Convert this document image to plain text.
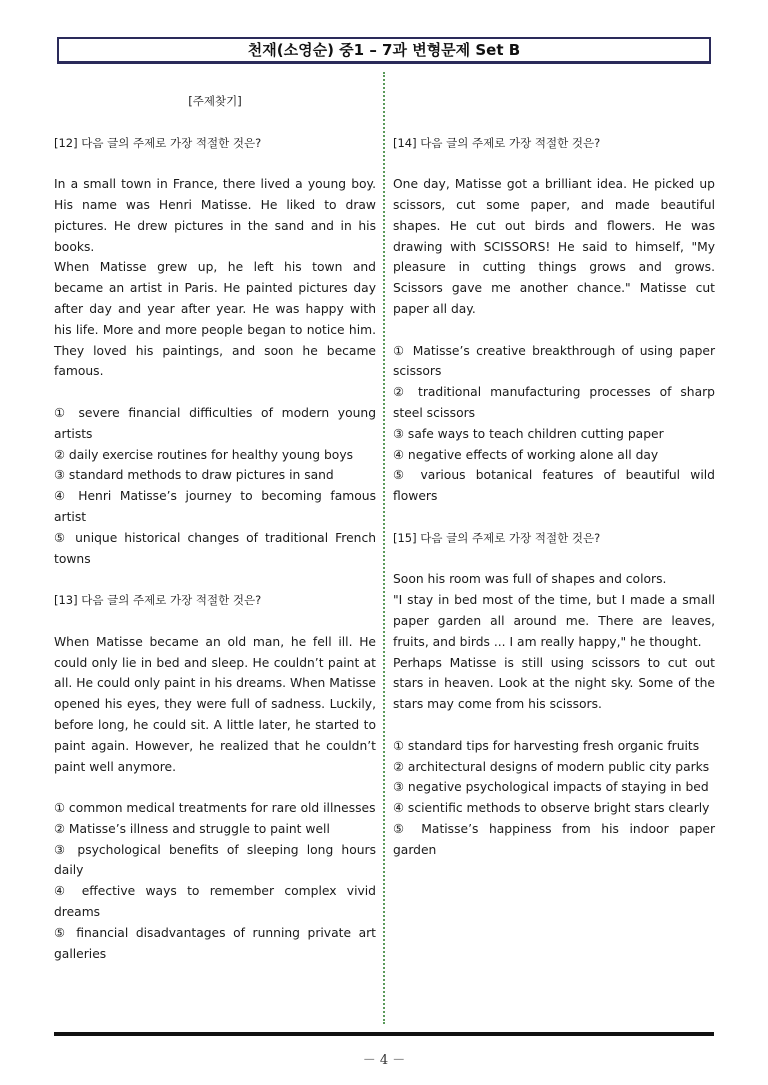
천재(소영순) 중1 – 7과 변형문제 Set B
[주제찾기]
[12] 다음 글의 주제로 가장 적절한 것은?

In a small town in France, there lived a young boy. His name was Henri Matisse. He liked to draw pictures. He drew pictures in the sand and in his books.

When Matisse grew up, he left his town and became an artist in Paris. He painted pictures day after day and year after year. He was happy with his life. More and more people began to notice him. They loved his paintings, and soon he became famous.

① severe financial difficulties of modern young artists
② daily exercise routines for healthy young boys
③ standard methods to draw pictures in sand
④ Henri Matisse’s journey to becoming famous artist
⑤ unique historical changes of traditional French towns
[13] 다음 글의 주제로 가장 적절한 것은?

When Matisse became an old man, he fell ill. He could only lie in bed and sleep. He couldn’t paint at all. He could only paint in his dreams. When Matisse opened his eyes, they were full of sadness. Luckily, before long, he could sit. A little later, he started to paint again. However, he realized that he couldn’t paint well anymore.

① common medical treatments for rare old illnesses
② Matisse’s illness and struggle to paint well
③ psychological benefits of sleeping long hours daily
④ effective ways to remember complex vivid dreams
⑤ financial disadvantages of running private art galleries
[14] 다음 글의 주제로 가장 적절한 것은?

One day, Matisse got a brilliant idea. He picked up scissors, cut some paper, and made beautiful shapes. He cut out birds and flowers. He was drawing with SCISSORS! He said to himself, "My pleasure in cutting things grows and grows. Scissors gave me another chance." Matisse cut paper all day.

① Matisse’s creative breakthrough of using paper scissors
② traditional manufacturing processes of sharp steel scissors
③ safe ways to teach children cutting paper
④ negative effects of working alone all day
⑤ various botanical features of beautiful wild flowers
[15] 다음 글의 주제로 가장 적절한 것은?

Soon his room was full of shapes and colors.

"I stay in bed most of the time, but I made a small paper garden all around me. There are leaves, fruits, and birds ... I am really happy," he thought.

Perhaps Matisse is still using scissors to cut out stars in heaven. Look at the night sky. Some of the stars may come from his scissors.

① standard tips for harvesting fresh organic fruits
② architectural designs of modern public city parks
③ negative psychological impacts of staying in bed
④ scientific methods to observe bright stars clearly
⑤ Matisse’s happiness from his indoor paper garden
－ 4 －
